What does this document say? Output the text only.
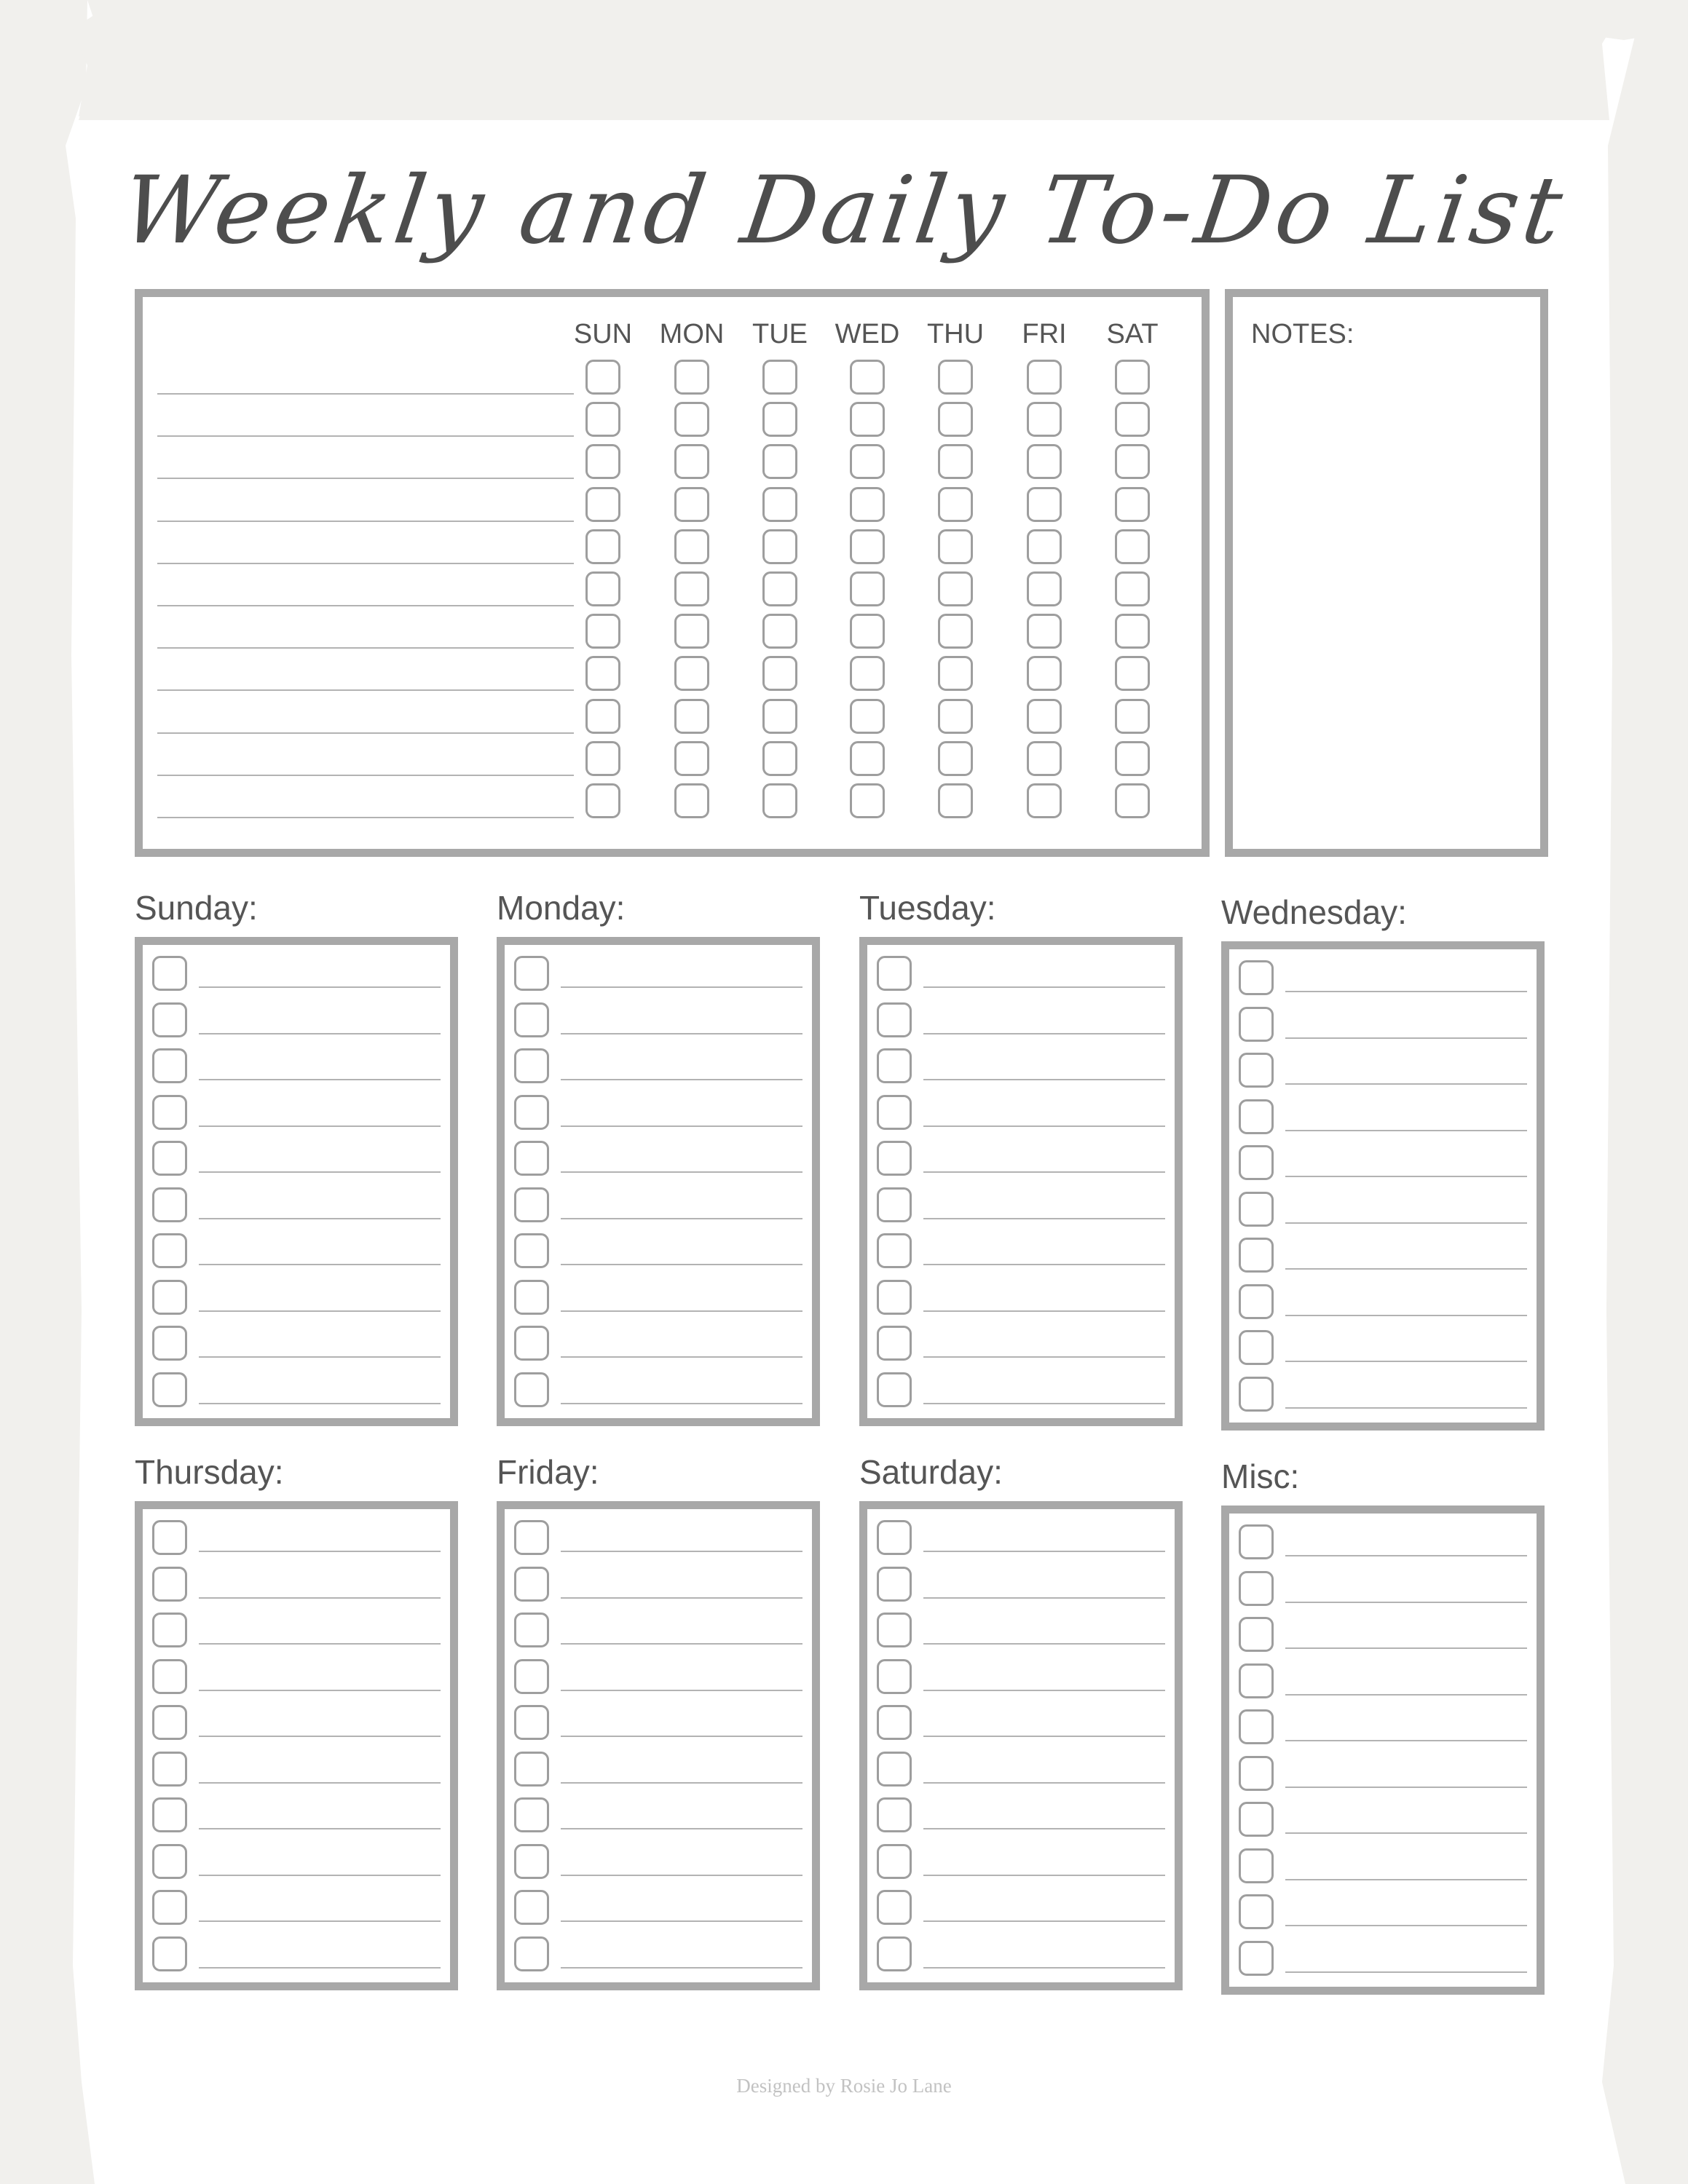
Weekly and Daily To-Do List
NOTES:
SUN MON TUE WED THU	FRI	SAT
Sunday:	Monday:	Tuesday:	Wednesday:
Thursday:	Friday:	Saturday:	Misc:
Designed by Rosie Jo Lane
